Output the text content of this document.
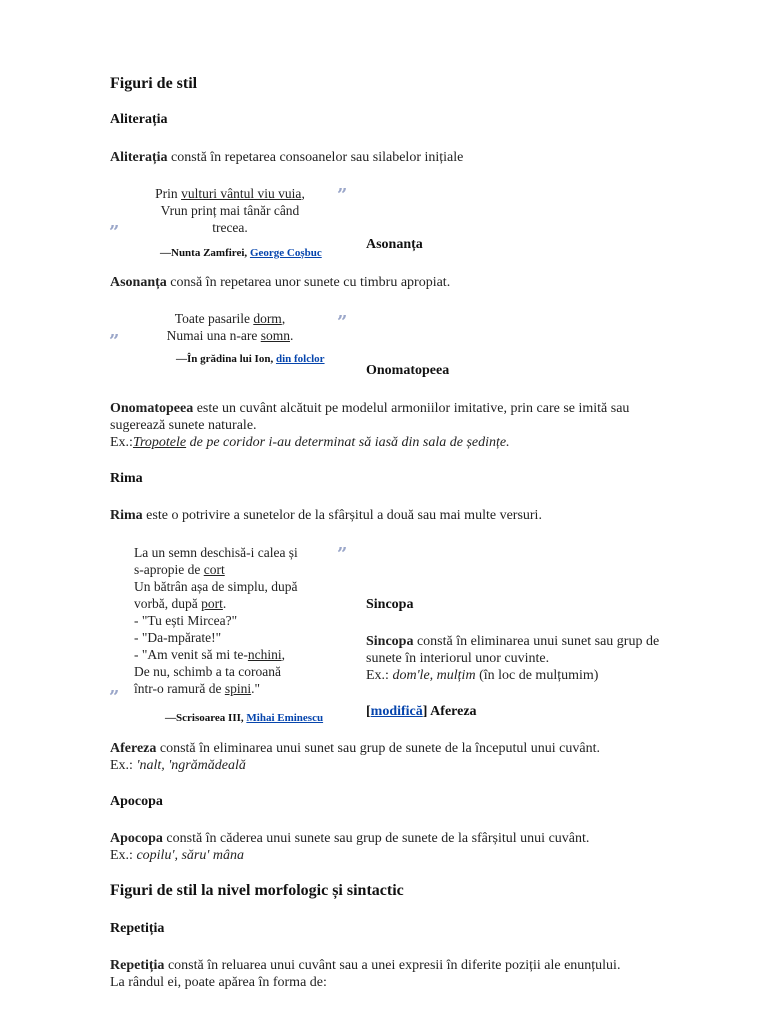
Figuri de stil
Aliterația
Aliterația constă în repetarea consoanelor sau silabelor inițiale
”
Prin vulturi vântul viu vuia,
Vrun prinț mai tânăr când
trecea.
”
—Nunta Zamfirei, George Coșbuc
Asonanța
Asonanța consă în repetarea unor sunete cu timbru apropiat.
”
Toate pasarile dorm,
Numai una n-are somn.
”
—În grădina lui Ion, din folclor
Onomatopeea
Onomatopeea este un cuvânt alcătuit pe modelul armoniilor imitative, prin care se imită sau
sugerează sunete naturale.
Ex.:Tropotele de pe coridor i-au determinat să iasă din sala de ședințe.
Rima
Rima este o potrivire a sunetelor de la sfârșitul a două sau mai multe versuri.
”
La un semn deschisă-i calea și
s-apropie de cort
Un bătrân așa de simplu, după
vorbă, după port.
- "Tu ești Mircea?"
- "Da-mpărate!"
- "Am venit să mi te-nchini,
De nu, schimb a ta coroană
într-o ramură de spini."
”
—Scrisoarea III, Mihai Eminescu
Sincopa
Sincopa constă în eliminarea unui sunet sau grup de
sunete în interiorul unor cuvinte.
Ex.: dom'le, mulțim (în loc de mulțumim)
[modifică] Afereza
Afereza constă în eliminarea unui sunet sau grup de sunete de la începutul unui cuvânt.
Ex.: 'nalt, 'ngrămădeală
Apocopa
Apocopa constă în căderea unui sunete sau grup de sunete de la sfârșitul unui cuvânt.
Ex.: copilu', săru' mâna
Figuri de stil la nivel morfologic și sintactic
Repetiția
Repetiția constă în reluarea unui cuvânt sau a unei expresii în diferite poziții ale enunțului.
La rândul ei, poate apărea în forma de:
